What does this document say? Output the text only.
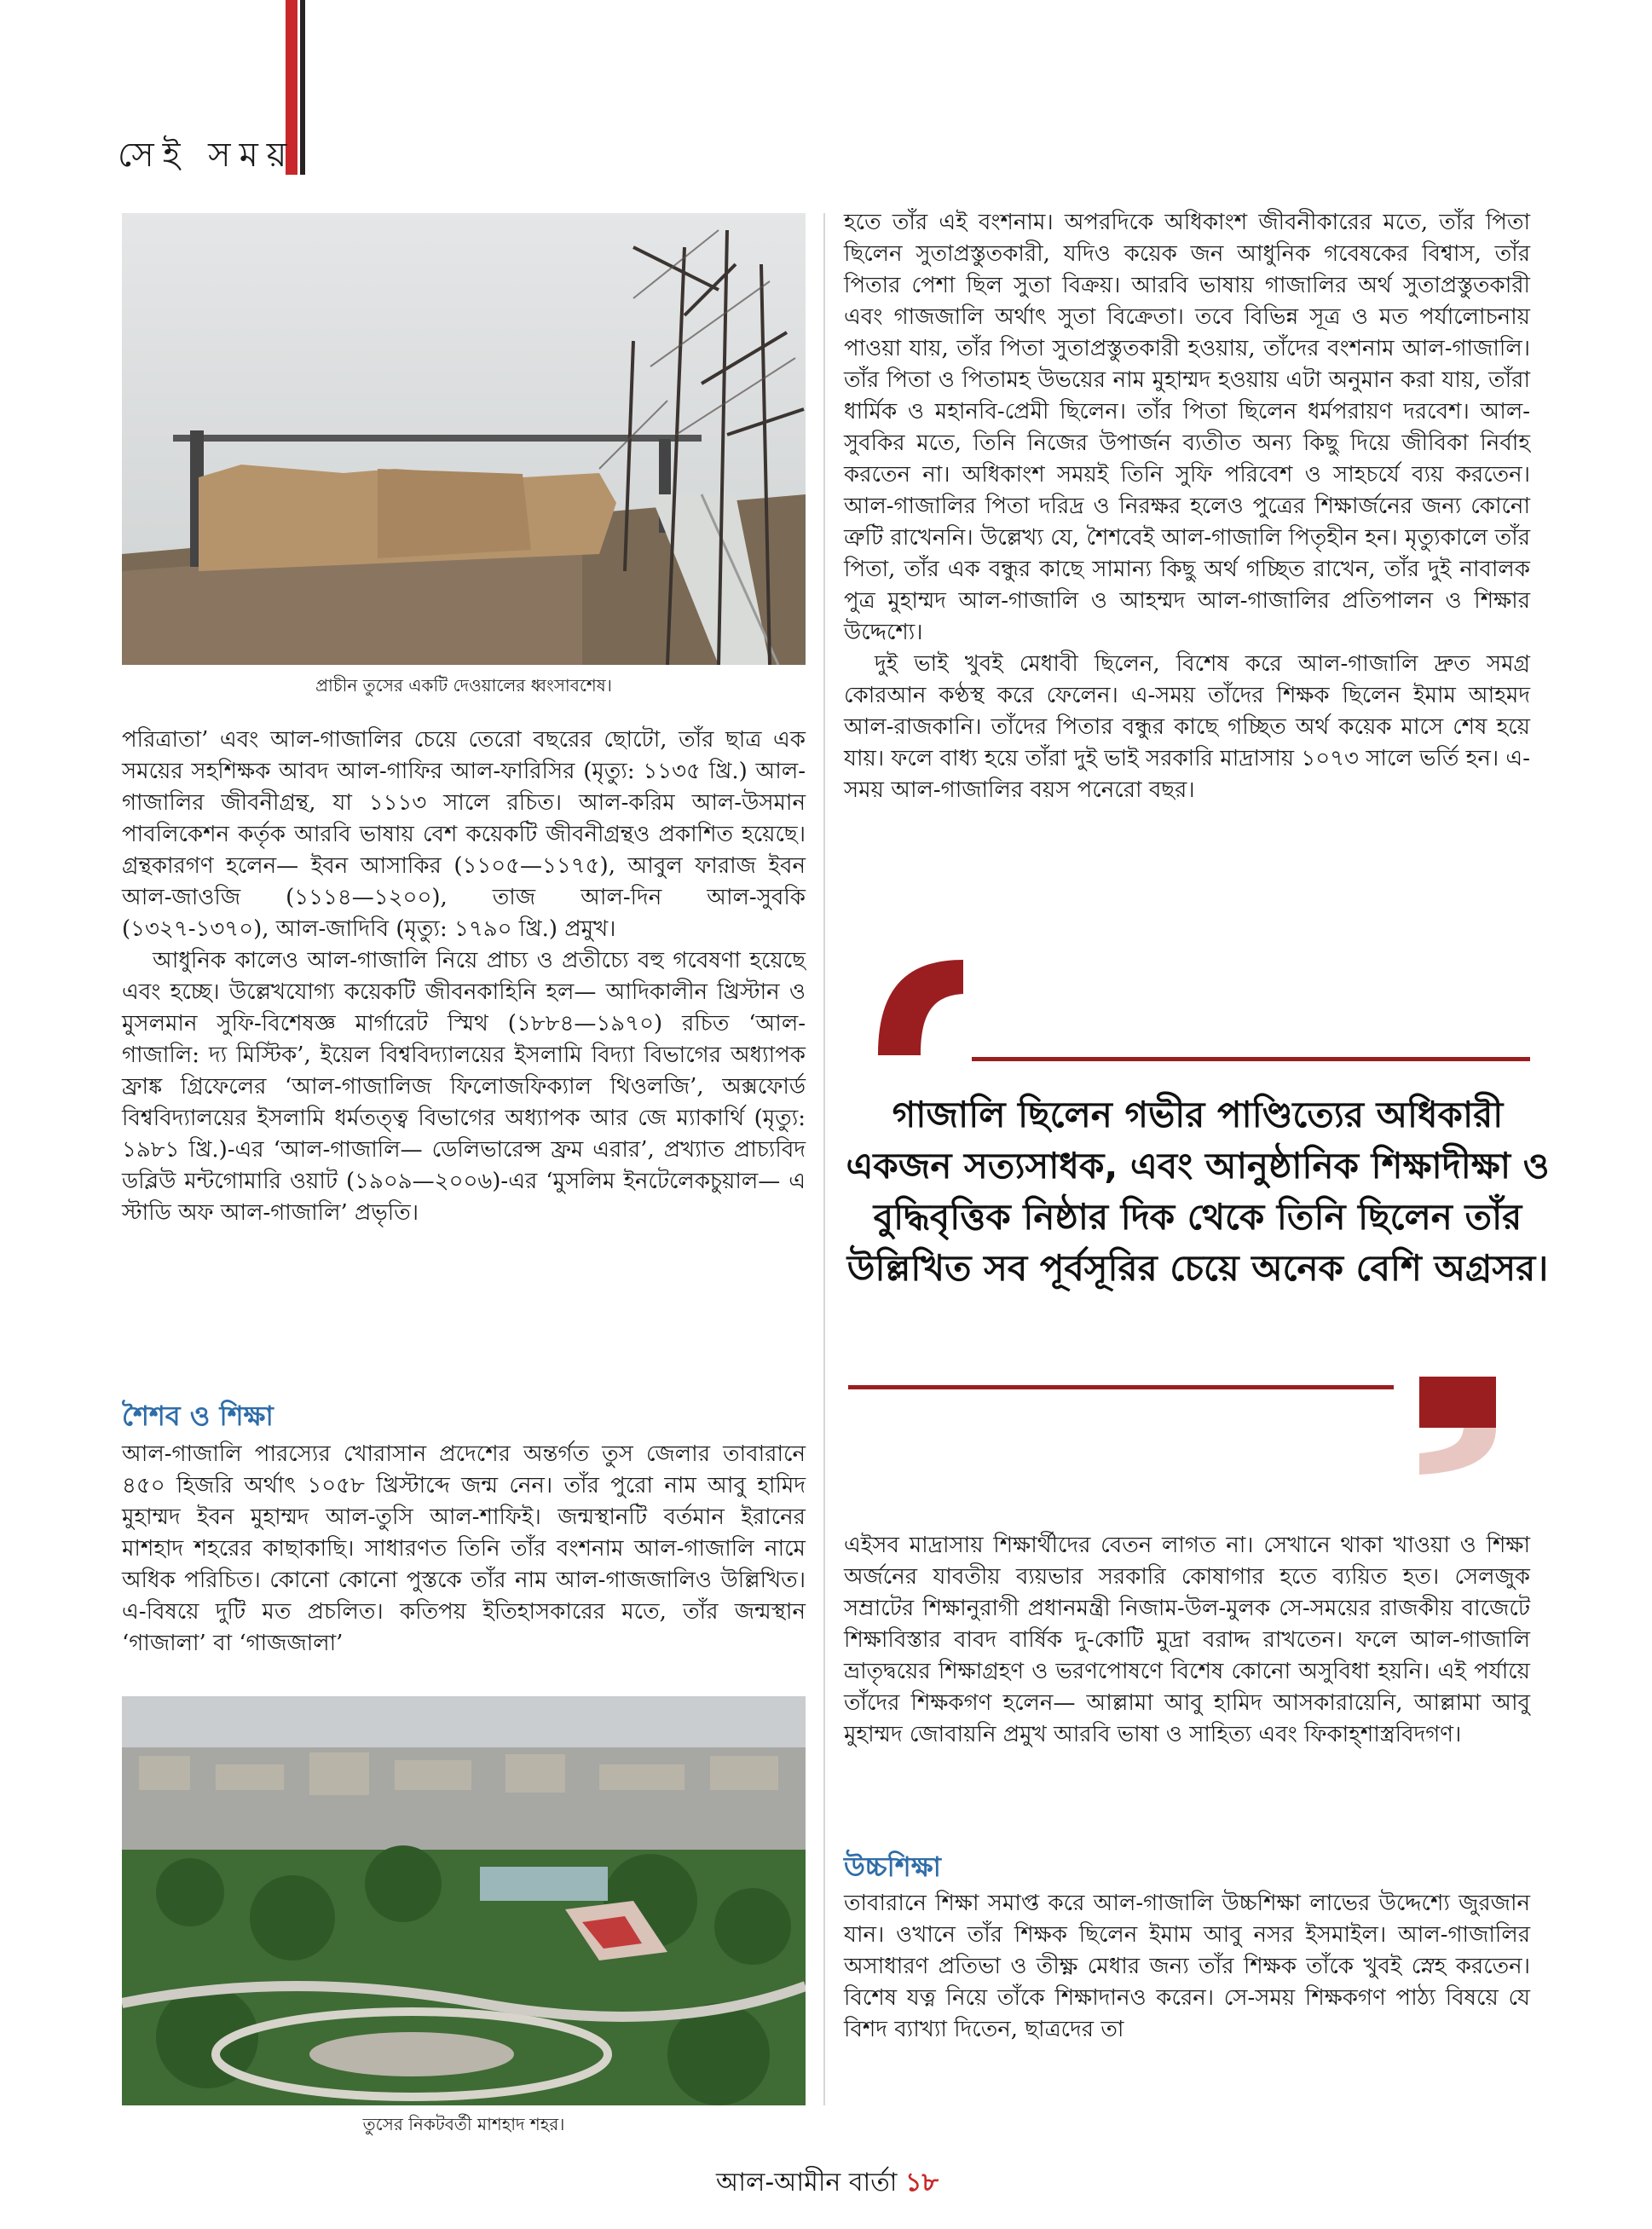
সেই সময়
প্রাচীন তুসের একটি দেওয়ালের ধ্বংসাবশেষ।

পরিত্রাতা’ এবং আল-গাজালির চেয়ে তেরো বছরের ছোটো, তাঁর ছাত্র এক সময়ের সহশিক্ষক আবদ আল-গাফির আল-ফারিসির (মৃত্যু: ১১৩৫ খ্রি.) আল-গাজালির জীবনীগ্রন্থ, যা ১১১৩ সালে রচিত। আল-করিম আল-উসমান পাবলিকেশন কর্তৃক আরবি ভাষায় বেশ কয়েকটি জীবনীগ্রন্থও প্রকাশিত হয়েছে। গ্রন্থকারগণ হলেন— ইবন আসাকির (১১০৫—১১৭৫), আবুল ফারাজ ইবন আল-জাওজি (১১১৪—১২০০), তাজ আল-দিন আল-সুবকি (১৩২৭-১৩৭০), আল-জাদিবি (মৃত্যু: ১৭৯০ খ্রি.) প্রমুখ।

আধুনিক কালেও আল-গাজালি নিয়ে প্রাচ্য ও প্রতীচ্যে বহু গবেষণা হয়েছে এবং হচ্ছে। উল্লেখযোগ্য কয়েকটি জীবনকাহিনি হল— আদিকালীন খ্রিস্টান ও মুসলমান সুফি-বিশেষজ্ঞ মার্গারেট স্মিথ (১৮৮৪—১৯৭০) রচিত ‘আল-গাজালি: দ্য মিস্টিক’, ইয়েল বিশ্ববিদ্যালয়ের ইসলামি বিদ্যা বিভাগের অধ্যাপক ফ্রাঙ্ক গ্রিফেলের ‘আল-গাজালিজ ফিলোজফিক্যাল থিওলজি’, অক্সফোর্ড বিশ্ববিদ্যালয়ের ইসলামি ধর্মতত্ত্ব বিভাগের অধ্যাপক আর জে ম্যাকার্থি (মৃত্যু: ১৯৮১ খ্রি.)-এর ‘আল-গাজালি— ডেলিভারেন্স ফ্রম এরার’, প্রখ্যাত প্রাচ্যবিদ ডব্লিউ মন্টগোমারি ওয়াট (১৯০৯—২০০৬)-এর ‘মুসলিম ইনটেলেকচুয়াল— এ স্টাডি অফ আল-গাজালি’ প্রভৃতি।

শৈশব ও শিক্ষা

আল-গাজালি পারস্যের খোরাসান প্রদেশের অন্তর্গত তুস জেলার তাবারানে ৪৫০ হিজরি অর্থাৎ ১০৫৮ খ্রিস্টাব্দে জন্ম নেন। তাঁর পুরো নাম আবু হামিদ মুহাম্মদ ইবন মুহাম্মদ আল-তুসি আল-শাফিই। জন্মস্থানটি বর্তমান ইরানের মাশহাদ শহরের কাছাকাছি। সাধারণত তিনি তাঁর বংশনাম আল-গাজালি নামে অধিক পরিচিত। কোনো কোনো পুস্তকে তাঁর নাম আল-গাজজালিও উল্লিখিত। এ-বিষয়ে দুটি মত প্রচলিত। কতিপয় ইতিহাসকারের মতে, তাঁর জন্মস্থান ‘গাজালা’ বা ‘গাজজালা’

তুসের নিকটবর্তী মাশহাদ শহর।

হতে তাঁর এই বংশনাম। অপরদিকে অধিকাংশ জীবনীকারের মতে, তাঁর পিতা ছিলেন সুতাপ্রস্তুতকারী, যদিও কয়েক জন আধুনিক গবেষকের বিশ্বাস, তাঁর পিতার পেশা ছিল সুতা বিক্রয়। আরবি ভাষায় গাজালির অর্থ সুতাপ্রস্তুতকারী এবং গাজজালি অর্থাৎ সুতা বিক্রেতা। তবে বিভিন্ন সূত্র ও মত পর্যালোচনায় পাওয়া যায়, তাঁর পিতা সুতাপ্রস্তুতকারী হওয়ায়, তাঁদের বংশনাম আল-গাজালি। তাঁর পিতা ও পিতামহ উভয়ের নাম মুহাম্মদ হওয়ায় এটা অনুমান করা যায়, তাঁরা ধার্মিক ও মহানবি-প্রেমী ছিলেন। তাঁর পিতা ছিলেন ধর্মপরায়ণ দরবেশ। আল-সুবকির মতে, তিনি নিজের উপার্জন ব্যতীত অন্য কিছু দিয়ে জীবিকা নির্বাহ করতেন না। অধিকাংশ সময়ই তিনি সুফি পরিবেশ ও সাহচর্যে ব্যয় করতেন। আল-গাজালির পিতা দরিদ্র ও নিরক্ষর হলেও পুত্রের শিক্ষার্জনের জন্য কোনো ত্রুটি রাখেননি। উল্লেখ্য যে, শৈশবেই আল-গাজালি পিতৃহীন হন। মৃত্যুকালে তাঁর পিতা, তাঁর এক বন্ধুর কাছে সামান্য কিছু অর্থ গচ্ছিত রাখেন, তাঁর দুই নাবালক পুত্র মুহাম্মদ আল-গাজালি ও আহম্মদ আল-গাজালির প্রতিপালন ও শিক্ষার উদ্দেশ্যে।

দুই ভাই খুবই মেধাবী ছিলেন, বিশেষ করে আল-গাজালি দ্রুত সমগ্র কোরআন কণ্ঠস্থ করে ফেলেন। এ-সময় তাঁদের শিক্ষক ছিলেন ইমাম আহমদ আল-রাজকানি। তাঁদের পিতার বন্ধুর কাছে গচ্ছিত অর্থ কয়েক মাসে শেষ হয়ে যায়। ফলে বাধ্য হয়ে তাঁরা দুই ভাই সরকারি মাদ্রাসায় ১০৭৩ সালে ভর্তি হন। এ-সময় আল-গাজালির বয়স পনেরো বছর।

গাজালি ছিলেন গভীর পাণ্ডিত্যের অধিকারী একজন সত্যসাধক, এবং আনুষ্ঠানিক শিক্ষাদীক্ষা ও বুদ্ধিবৃত্তিক নিষ্ঠার দিক থেকে তিনি ছিলেন তাঁর উল্লিখিত সব পূর্বসূরির চেয়ে অনেক বেশি অগ্রসর।

এইসব মাদ্রাসায় শিক্ষার্থীদের বেতন লাগত না। সেখানে থাকা খাওয়া ও শিক্ষা অর্জনের যাবতীয় ব্যয়ভার সরকারি কোষাগার হতে ব্যয়িত হত। সেলজুক সম্রাটের শিক্ষানুরাগী প্রধানমন্ত্রী নিজাম-উল-মুলক সে-সময়ের রাজকীয় বাজেটে শিক্ষাবিস্তার বাবদ বার্ষিক দু-কোটি মুদ্রা বরাদ্দ রাখতেন। ফলে আল-গাজালি ভ্রাতৃদ্বয়ের শিক্ষাগ্রহণ ও ভরণপোষণে বিশেষ কোনো অসুবিধা হয়নি। এই পর্যায়ে তাঁদের শিক্ষকগণ হলেন— আল্লামা আবু হামিদ আসকারায়েনি, আল্লামা আবু মুহাম্মদ জোবায়নি প্রমুখ আরবি ভাষা ও সাহিত্য এবং ফিকাহ্‌শাস্ত্রবিদগণ।

উচ্চশিক্ষা

তাবারানে শিক্ষা সমাপ্ত করে আল-গাজালি উচ্চশিক্ষা লাভের উদ্দেশ্যে জুরজান যান। ওখানে তাঁর শিক্ষক ছিলেন ইমাম আবু নসর ইসমাইল। আল-গাজালির অসাধারণ প্রতিভা ও তীক্ষ্ণ মেধার জন্য তাঁর শিক্ষক তাঁকে খুবই স্নেহ করতেন। বিশেষ যত্ন নিয়ে তাঁকে শিক্ষাদানও করেন। সে-সময় শিক্ষকগণ পাঠ্য বিষয়ে যে বিশদ ব্যাখ্যা দিতেন, ছাত্রদের তা

আল-আমীন বার্তা ১৮
